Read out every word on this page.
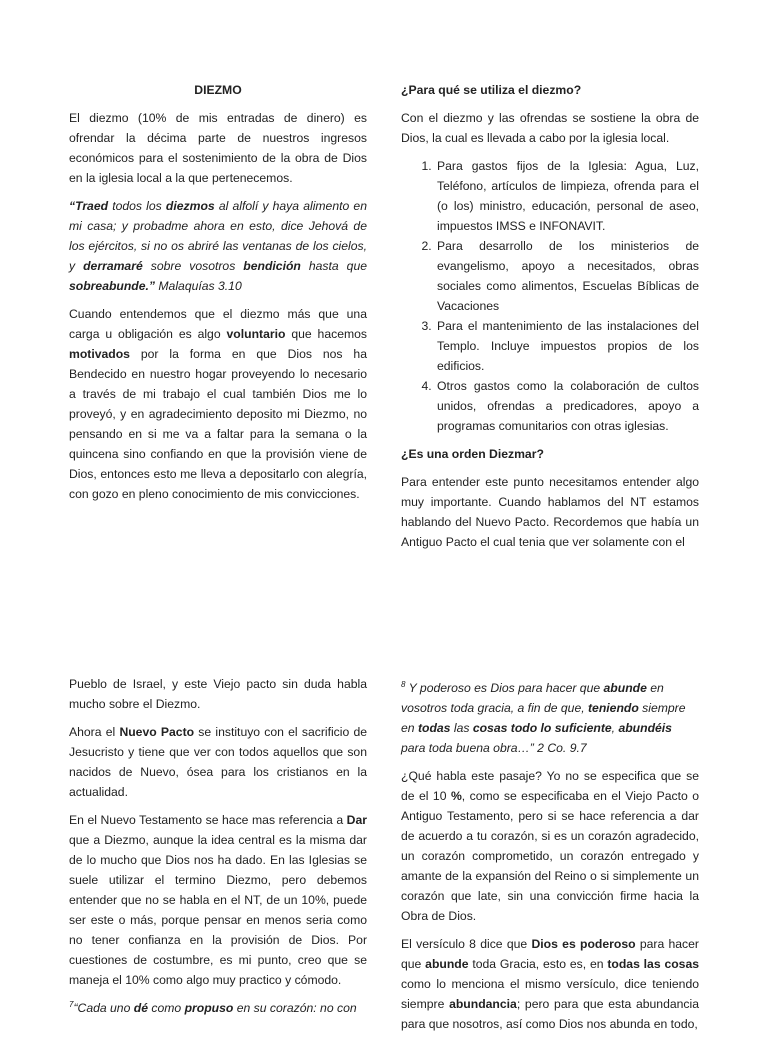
DIEZMO

El diezmo (10% de mis entradas de dinero) es ofrendar la décima parte de nuestros ingresos económicos para el sostenimiento de la obra de Dios en la iglesia local a la que pertenecemos.

“Traed todos los diezmos al alfolí y haya alimento en mi casa; y probadme ahora en esto, dice Jehová de los ejércitos, si no os abriré las ventanas de los cielos, y derramaré sobre vosotros bendición hasta que sobreabunde.” Malaquías 3.10

Cuando entendemos que el diezmo más que una carga u obligación es algo voluntario que hacemos motivados por la forma en que Dios nos ha Bendecido en nuestro hogar proveyendo lo necesario a través de mi trabajo el cual también Dios me lo proveyó, y en agradecimiento deposito mi Diezmo, no pensando en si me va a faltar para la semana o la quincena sino confiando en que la provisión viene de Dios, entonces esto me lleva a depositarlo con alegría, con gozo en pleno conocimiento de mis convicciones.

¿Para qué se utiliza el diezmo?

Con el diezmo y las ofrendas se sostiene la obra de Dios, la cual es llevada a cabo por la iglesia local.

1. Para gastos fijos de la Iglesia: Agua, Luz, Teléfono, artículos de limpieza, ofrenda para el (o los) ministro, educación, personal de aseo, impuestos IMSS e INFONAVIT.
2. Para desarrollo de los ministerios de evangelismo, apoyo a necesitados, obras sociales como alimentos, Escuelas Bíblicas de Vacaciones
3. Para el mantenimiento de las instalaciones del Templo. Incluye impuestos propios de los edificios.
4. Otros gastos como la colaboración de cultos unidos, ofrendas a predicadores, apoyo a programas comunitarios con otras iglesias.

¿Es una orden Diezmar?

Para entender este punto necesitamos entender algo muy importante. Cuando hablamos del NT estamos hablando del Nuevo Pacto. Recordemos que había un Antiguo Pacto el cual tenia que ver solamente con el

Pueblo de Israel, y este Viejo pacto sin duda habla mucho sobre el Diezmo.

Ahora el Nuevo Pacto se instituyo con el sacrificio de Jesucristo y tiene que ver con todos aquellos que son nacidos de Nuevo, ósea para los cristianos en la actualidad.

En el Nuevo Testamento se hace mas referencia a Dar que a Diezmo, aunque la idea central es la misma dar de lo mucho que Dios nos ha dado. En las Iglesias se suele utilizar el termino Diezmo, pero debemos entender que no se habla en el NT, de un 10%, puede ser este o más, porque pensar en menos seria como no tener confianza en la provisión de Dios. Por cuestiones de costumbre, es mi punto, creo que se maneja el 10% como algo muy practico y cómodo.

$^7$“Cada uno dé como propuso en su corazón: no con

$^8$ Y poderoso es Dios para hacer que abunde en vosotros toda gracia, a fin de que, teniendo siempre en todas las cosas todo lo suficiente, abundéis para toda buena obra…” 2 Co. 9.7

¿Qué habla este pasaje? Yo no se especifica que se de el 10 %, como se especificaba en el Viejo Pacto o Antiguo Testamento, pero si se hace referencia a dar de acuerdo a tu corazón, si es un corazón agradecido, un corazón comprometido, un corazón entregado y amante de la expansión del Reino o si simplemente un corazón que late, sin una convicción firme hacia la Obra de Dios.

El versículo 8 dice que Dios es poderoso para hacer que abunde toda Gracia, esto es, en todas las cosas como lo menciona el mismo versículo, dice teniendo siempre abundancia; pero para que esta abundancia para que nosotros, así como Dios nos abunda en todo,
